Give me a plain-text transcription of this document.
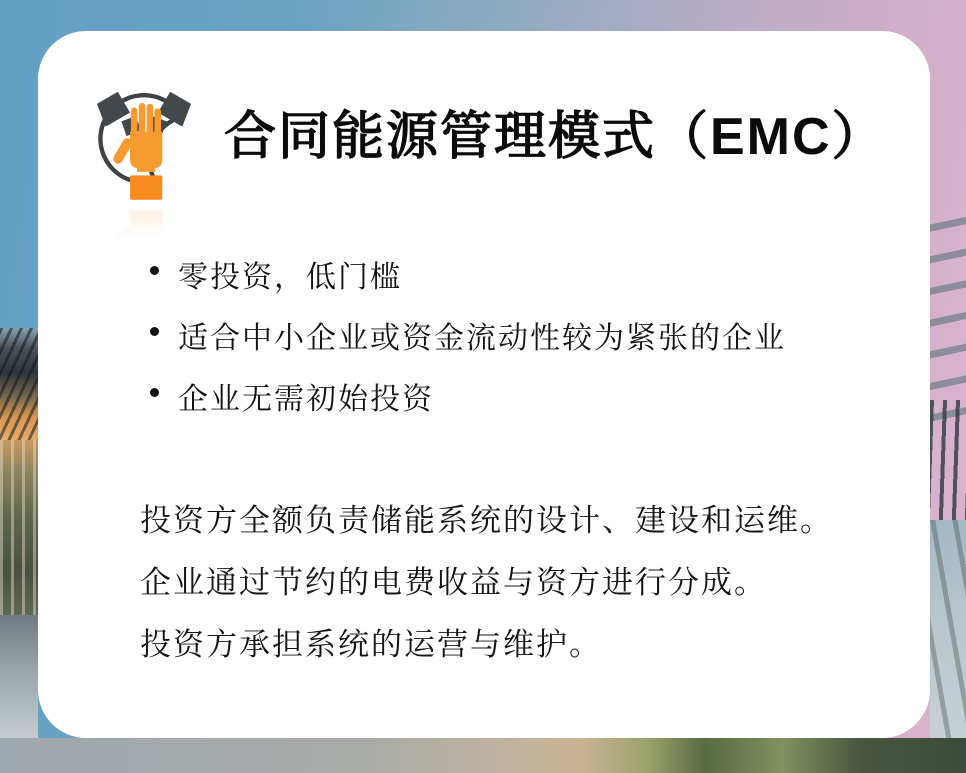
合同能源管理模式（EMC）
零投资，低门槛
适合中小企业或资金流动性较为紧张的企业
企业无需初始投资

投资方全额负责储能系统的设计、建设和运维。

企业通过节约的电费收益与资方进行分成。

投资方承担系统的运营与维护。
